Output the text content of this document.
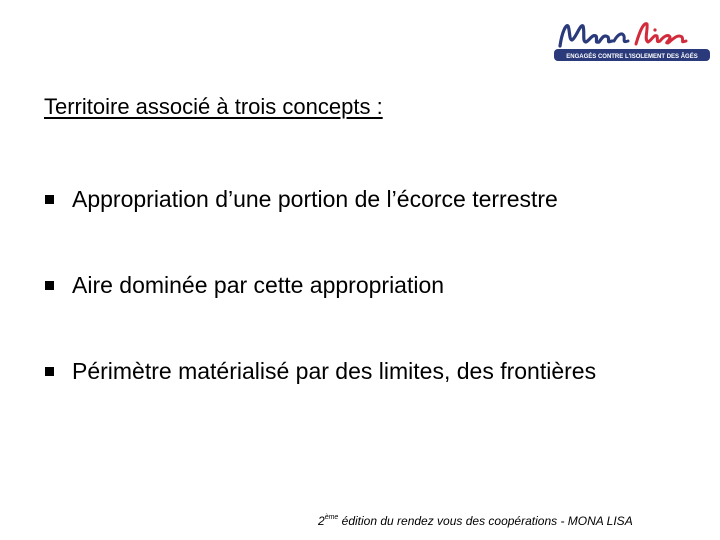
ENGAGÉS CONTRE L'ISOLEMENT DES ÂGÉS
Territoire associé à trois concepts :
Appropriation d’une portion de l’écorce terrestre
Aire dominée par cette appropriation
Périmètre matérialisé par des limites, des frontières
2ème édition du rendez vous des coopérations - MONA LISA
